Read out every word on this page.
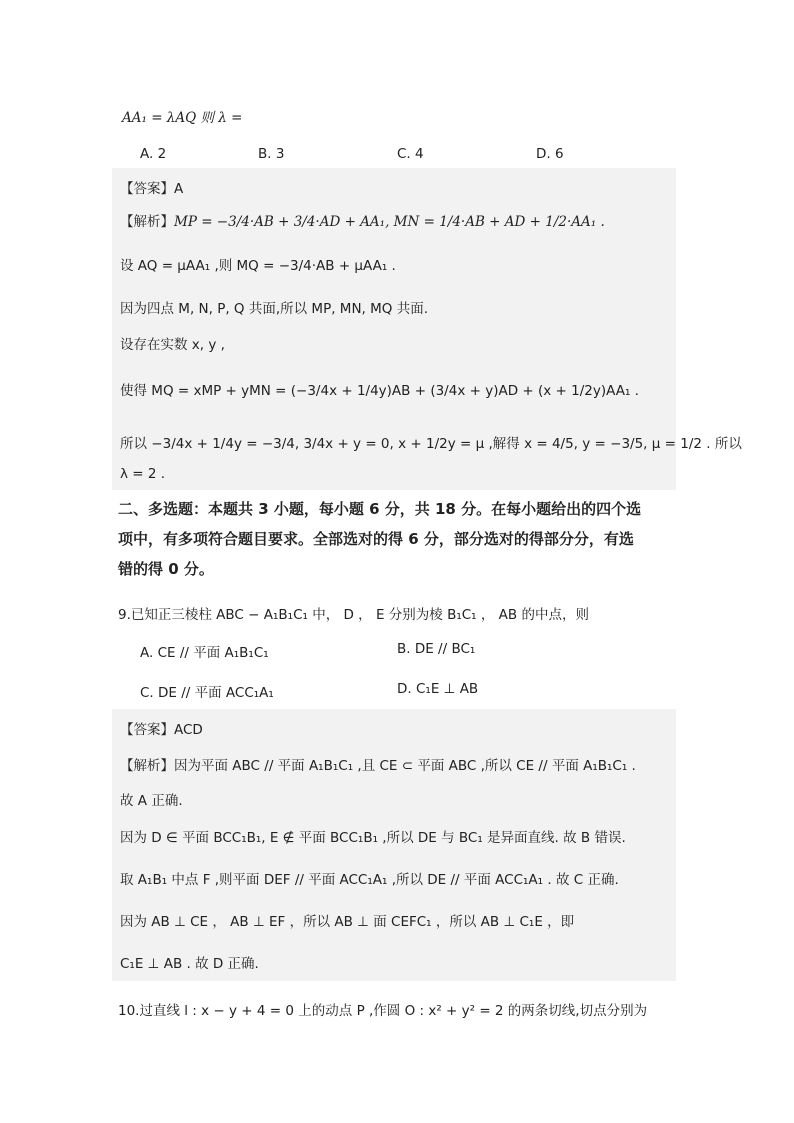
AA₁ = λAQ 则 λ =
A. 2	B. 3	C. 4	D. 6
【答案】A
【解析】MP = −3/4·AB + 3/4·AD + AA₁, MN = 1/4·AB + AD + 1/2·AA₁ .
设 AQ = μAA₁ ,则 MQ = −3/4·AB + μAA₁ .
因为四点 M, N, P, Q 共面,所以 MP, MN, MQ 共面.
设存在实数 x, y ,
使得 MQ = xMP + yMN = (−3/4x + 1/4y)AB + (3/4x + y)AD + (x + 1/2y)AA₁ .
所以 −3/4x + 1/4y = −3/4, 3/4x + y = 0, x + 1/2y = μ ,解得 x = 4/5, y = −3/5, μ = 1/2 . 所以
λ = 2 .
二、多选题：本题共 3 小题，每小题 6 分，共 18 分。在每小题给出的四个选
项中，有多项符合题目要求。全部选对的得 6 分，部分选对的得部分分，有选
错的得 0 分。
9.已知正三棱柱 ABC − A₁B₁C₁ 中， D ， E 分别为棱 B₁C₁ ， AB 的中点，则
A. CE // 平面 A₁B₁C₁	B. DE // BC₁
C. DE // 平面 ACC₁A₁	D. C₁E ⊥ AB
【答案】ACD
【解析】因为平面 ABC // 平面 A₁B₁C₁ ,且 CE ⊂ 平面 ABC ,所以 CE // 平面 A₁B₁C₁ .
故 A 正确.
因为 D ∈ 平面 BCC₁B₁, E ∉ 平面 BCC₁B₁ ,所以 DE 与 BC₁ 是异面直线. 故 B 错误.
取 A₁B₁ 中点 F ,则平面 DEF // 平面 ACC₁A₁ ,所以 DE // 平面 ACC₁A₁ . 故 C 正确.
因为 AB ⊥ CE ， AB ⊥ EF ，所以 AB ⊥ 面 CEFC₁ ，所以 AB ⊥ C₁E ，即
C₁E ⊥ AB . 故 D 正确.
10.过直线 l : x − y + 4 = 0 上的动点 P ,作圆 O : x² + y² = 2 的两条切线,切点分别为
